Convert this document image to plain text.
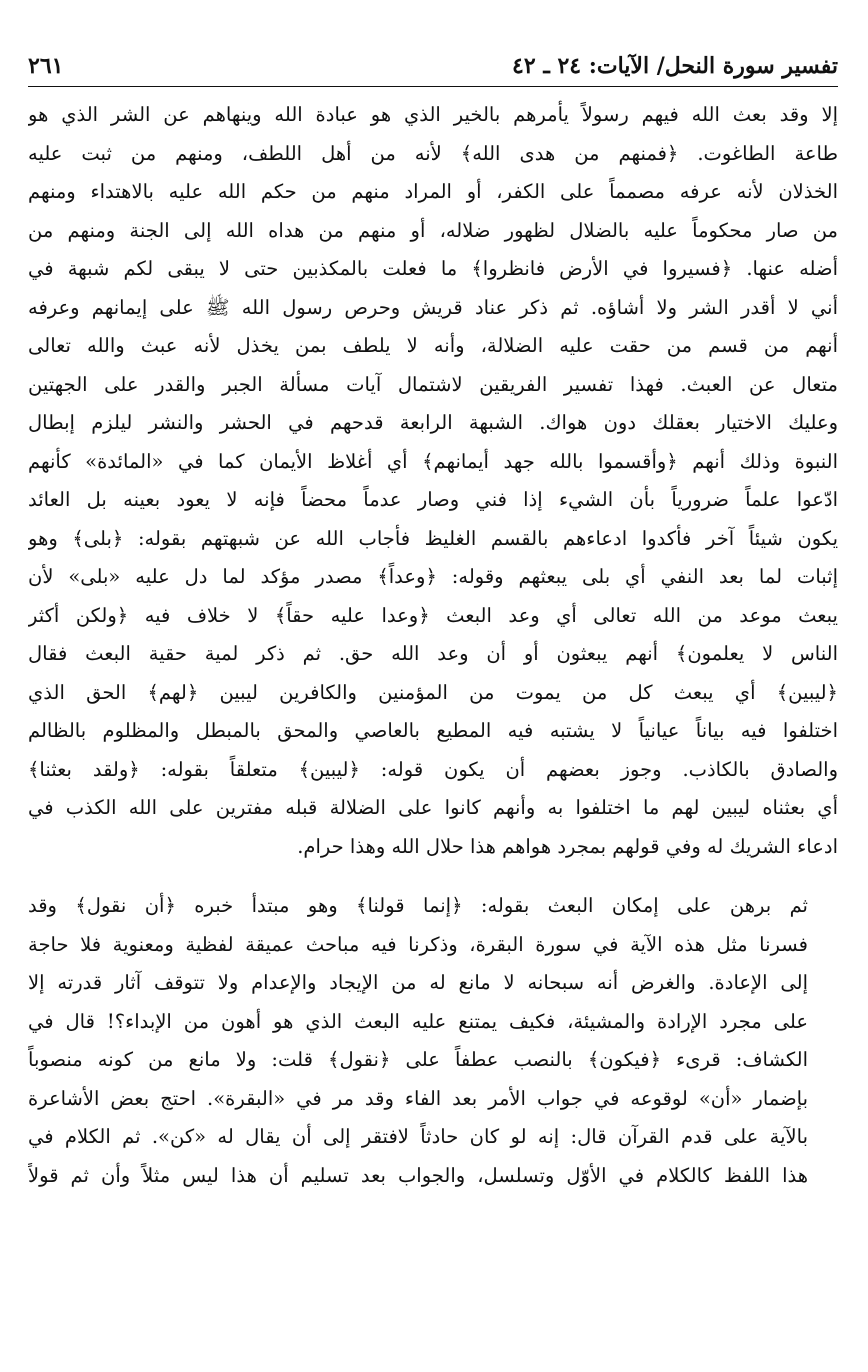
تفسير سورة النحل/ الآيات: ٢٤ ـ ٤٢
٢٦١
إلا وقد بعث الله فيهم رسولاً يأمرهم بالخير الذي هو عبادة الله وينهاهم عن الشر الذي هو
طاعة الطاغوت. ﴿فمنهم من هدى الله﴾ لأنه من أهل اللطف، ومنهم من ثبت عليه
الخذلان لأنه عرفه مصمماً على الكفر، أو المراد منهم من حكم الله عليه بالاهتداء ومنهم
من صار محكوماً عليه بالضلال لظهور ضلاله، أو منهم من هداه الله إلى الجنة ومنهم من
أضله عنها. ﴿فسيروا في الأرض فانظروا﴾ ما فعلت بالمكذبين حتى لا يبقى لكم شبهة في
أني لا أقدر الشر ولا أشاؤه. ثم ذكر عناد قريش وحرص رسول الله ﷺ على إيمانهم وعرفه
أنهم من قسم من حقت عليه الضلالة، وأنه لا يلطف بمن يخذل لأنه عبث والله تعالى
متعال عن العبث. فهذا تفسير الفريقين لاشتمال آيات مسألة الجبر والقدر على الجهتين
وعليك الاختيار بعقلك دون هواك. الشبهة الرابعة قدحهم في الحشر والنشر ليلزم إبطال
النبوة وذلك أنهم ﴿وأقسموا بالله جهد أيمانهم﴾ أي أغلاظ الأيمان كما في «المائدة» كأنهم
ادّعوا علماً ضرورياً بأن الشيء إذا فني وصار عدماً محضاً فإنه لا يعود بعينه بل العائد
يكون شيئاً آخر فأكدوا ادعاءهم بالقسم الغليظ فأجاب الله عن شبهتهم بقوله: ﴿بلى﴾ وهو
إثبات لما بعد النفي أي بلى يبعثهم وقوله: ﴿وعداً﴾ مصدر مؤكد لما دل عليه «بلى» لأن
يبعث موعد من الله تعالى أي وعد البعث ﴿وعدا عليه حقاً﴾ لا خلاف فيه ﴿ولكن أكثر
الناس لا يعلمون﴾ أنهم يبعثون أو أن وعد الله حق. ثم ذكر لمية حقية البعث فقال
﴿ليبين﴾ أي يبعث كل من يموت من المؤمنين والكافرين ليبين ﴿لهم﴾ الحق الذي
اختلفوا فيه بياناً عيانياً لا يشتبه فيه المطيع بالعاصي والمحق بالمبطل والمظلوم بالظالم
والصادق بالكاذب. وجوز بعضهم أن يكون قوله: ﴿ليبين﴾ متعلقاً بقوله: ﴿ولقد بعثنا﴾
أي بعثناه ليبين لهم ما اختلفوا به وأنهم كانوا على الضلالة قبله مفترين على الله الكذب في
ادعاء الشريك له وفي قولهم بمجرد هواهم هذا حلال الله وهذا حرام.
ثم برهن على إمكان البعث بقوله: ﴿إنما قولنا﴾ وهو مبتدأ خبره ﴿أن نقول﴾ وقد
فسرنا مثل هذه الآية في سورة البقرة، وذكرنا فيه مباحث عميقة لفظية ومعنوية فلا حاجة
إلى الإعادة. والغرض أنه سبحانه لا مانع له من الإيجاد والإعدام ولا تتوقف آثار قدرته إلا
على مجرد الإرادة والمشيئة، فكيف يمتنع عليه البعث الذي هو أهون من الإبداء؟! قال في
الكشاف: قرىء ﴿فيكون﴾ بالنصب عطفاً على ﴿نقول﴾ قلت: ولا مانع من كونه منصوباً
بإضمار «أن» لوقوعه في جواب الأمر بعد الفاء وقد مر في «البقرة». احتج بعض الأشاعرة
بالآية على قدم القرآن قال: إنه لو كان حادثاً لافتقر إلى أن يقال له «كن». ثم الكلام في
هذا اللفظ كالكلام في الأوّل وتسلسل، والجواب بعد تسليم أن هذا ليس مثلاً وأن ثم قولاً
